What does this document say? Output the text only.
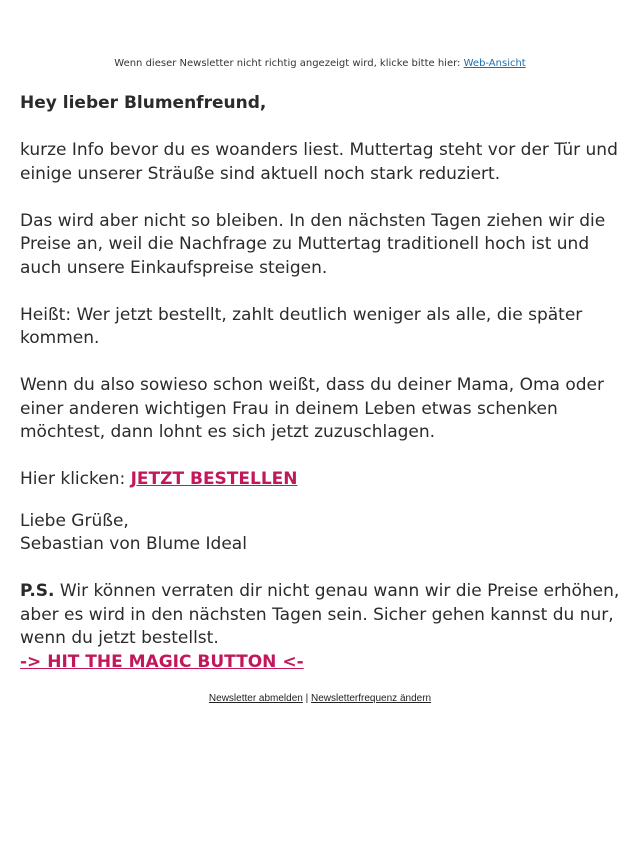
Wenn dieser Newsletter nicht richtig angezeigt wird, klicke bitte hier: Web-Ansicht

Hey lieber Blumenfreund,

kurze Info bevor du es woanders liest. Muttertag steht vor der Tür und einige unserer Sträuße sind aktuell noch stark reduziert.

Das wird aber nicht so bleiben. In den nächsten Tagen ziehen wir die Preise an, weil die Nachfrage zu Muttertag traditionell hoch ist und auch unsere Einkaufspreise steigen.

Heißt: Wer jetzt bestellt, zahlt deutlich weniger als alle, die später kommen.

Wenn du also sowieso schon weißt, dass du deiner Mama, Oma oder einer anderen wichtigen Frau in deinem Leben etwas schenken möchtest, dann lohnt es sich jetzt zuzuschlagen.

Hier klicken: JETZT BESTELLEN

Liebe Grüße,
Sebastian von Blume Ideal

P.S. Wir können verraten dir nicht genau wann wir die Preise erhöhen, aber es wird in den nächsten Tagen sein. Sicher gehen kannst du nur, wenn du jetzt bestellst.
-> HIT THE MAGIC BUTTON <-

Newsletter abmelden | Newsletterfrequenz ändern
